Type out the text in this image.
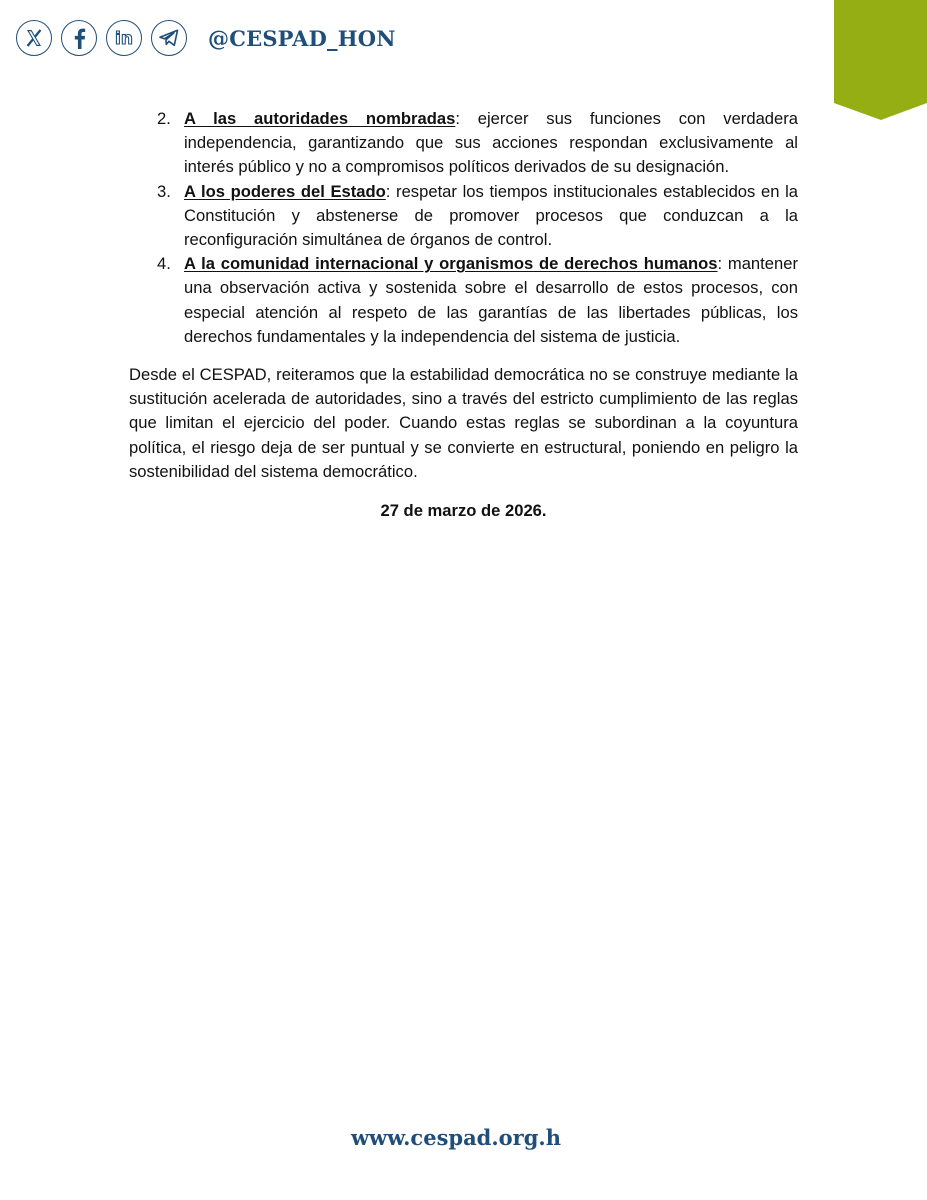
in	@CESPAD_HON
2. A las autoridades nombradas: ejercer sus funciones con verdadera independencia, garantizando que sus acciones respondan exclusivamente al interés público y no a compromisos políticos derivados de su designación.
3. A los poderes del Estado: respetar los tiempos institucionales establecidos en la Constitución y abstenerse de promover procesos que conduzcan a la reconfiguración simultánea de órganos de control.
4. A la comunidad internacional y organismos de derechos humanos: mantener una observación activa y sostenida sobre el desarrollo de estos procesos, con especial atención al respeto de las garantías de las libertades públicas, los derechos fundamentales y la independencia del sistema de justicia.

Desde el CESPAD, reiteramos que la estabilidad democrática no se construye mediante la sustitución acelerada de autoridades, sino a través del estricto cumplimiento de las reglas que limitan el ejercicio del poder. Cuando estas reglas se subordinan a la coyuntura política, el riesgo deja de ser puntual y se convierte en estructural, poniendo en peligro la sostenibilidad del sistema democrático.

27 de marzo de 2026.
www.cespad.org.h
